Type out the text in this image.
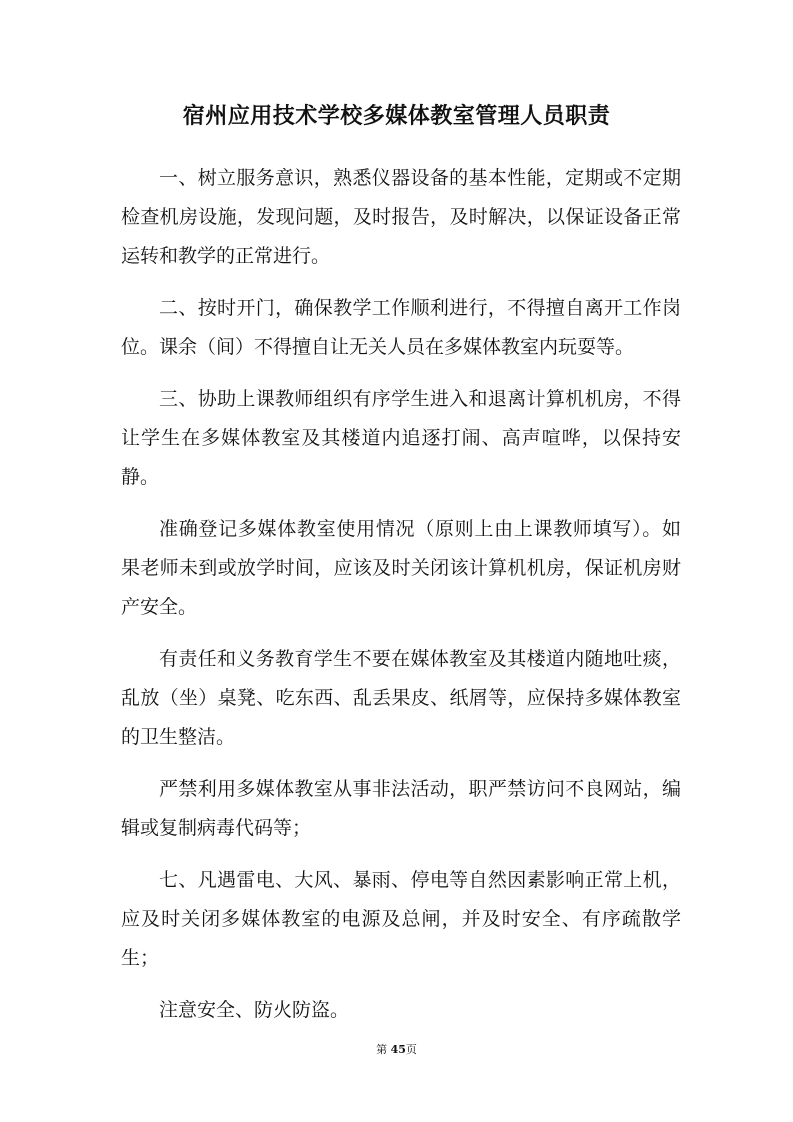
宿州应用技术学校多媒体教室管理人员职责

一、树立服务意识，熟悉仪器设备的基本性能，定期或不定期检查机房设施，发现问题，及时报告，及时解决，以保证设备正常运转和教学的正常进行。

二、按时开门，确保教学工作顺利进行，不得擅自离开工作岗位。课余（间）不得擅自让无关人员在多媒体教室内玩耍等。

三、协助上课教师组织有序学生进入和退离计算机机房，不得让学生在多媒体教室及其楼道内追逐打闹、高声喧哗，以保持安静。

准确登记多媒体教室使用情况（原则上由上课教师填写）。如果老师未到或放学时间，应该及时关闭该计算机机房，保证机房财产安全。

有责任和义务教育学生不要在媒体教室及其楼道内随地吐痰，乱放（坐）桌凳、吃东西、乱丢果皮、纸屑等，应保持多媒体教室的卫生整洁。

严禁利用多媒体教室从事非法活动，职严禁访问不良网站，编辑或复制病毒代码等；

七、凡遇雷电、大风、暴雨、停电等自然因素影响正常上机，应及时关闭多媒体教室的电源及总闸，并及时安全、有序疏散学生；

注意安全、防火防盗。

第 45页
